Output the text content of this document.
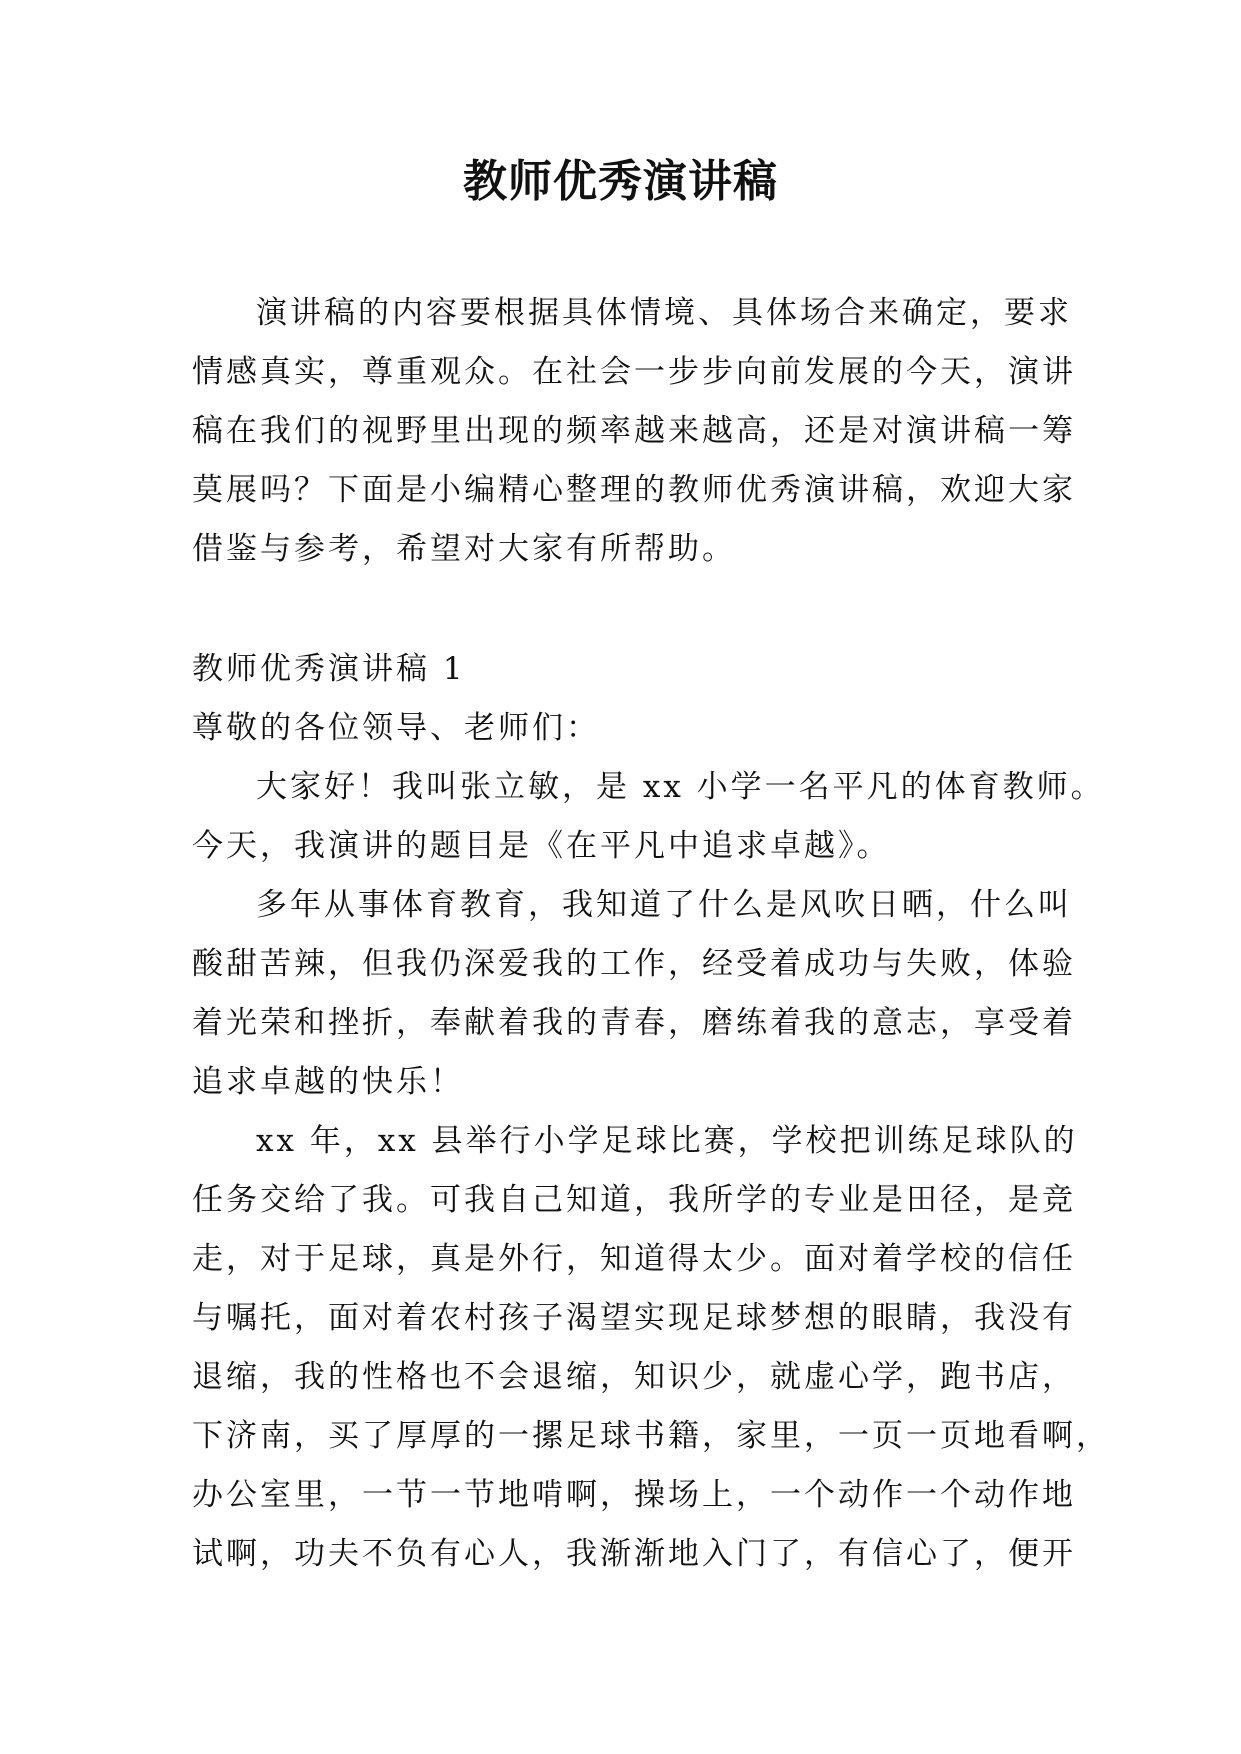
教师优秀演讲稿
演讲稿的内容要根据具体情境、具体场合来确定，要求
情感真实，尊重观众。在社会一步步向前发展的今天，演讲
稿在我们的视野里出现的频率越来越高，还是对演讲稿一筹
莫展吗？下面是小编精心整理的教师优秀演讲稿，欢迎大家
借鉴与参考，希望对大家有所帮助。
教师优秀演讲稿 1
尊敬的各位领导、老师们：
大家好！我叫张立敏，是 xx 小学一名平凡的体育教师。
今天，我演讲的题目是《在平凡中追求卓越》。
多年从事体育教育，我知道了什么是风吹日晒，什么叫
酸甜苦辣，但我仍深爱我的工作，经受着成功与失败，体验
着光荣和挫折，奉献着我的青春，磨练着我的意志，享受着
追求卓越的快乐！
xx 年，xx 县举行小学足球比赛，学校把训练足球队的
任务交给了我。可我自己知道，我所学的专业是田径，是竞
走，对于足球，真是外行，知道得太少。面对着学校的信任
与嘱托，面对着农村孩子渴望实现足球梦想的眼睛，我没有
退缩，我的性格也不会退缩，知识少，就虚心学，跑书店，
下济南，买了厚厚的一摞足球书籍，家里，一页一页地看啊，
办公室里，一节一节地啃啊，操场上，一个动作一个动作地
试啊，功夫不负有心人，我渐渐地入门了，有信心了，便开
